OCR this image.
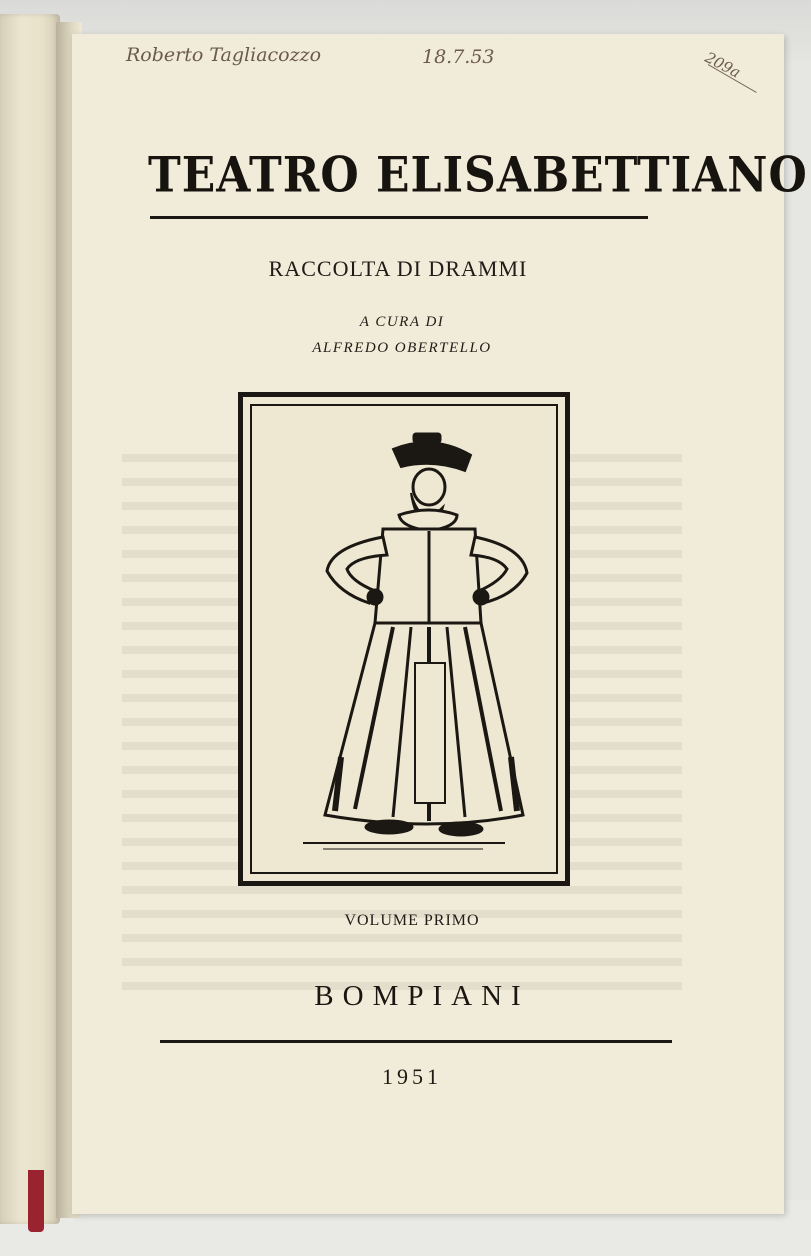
Roberto Tagliacozzo	18.7.53	209a
TEATRO ELISABETTIANO
RACCOLTA DI DRAMMI
A CURA DI
ALFREDO OBERTELLO
VOLUME PRIMO
BOMPIANI
1951
